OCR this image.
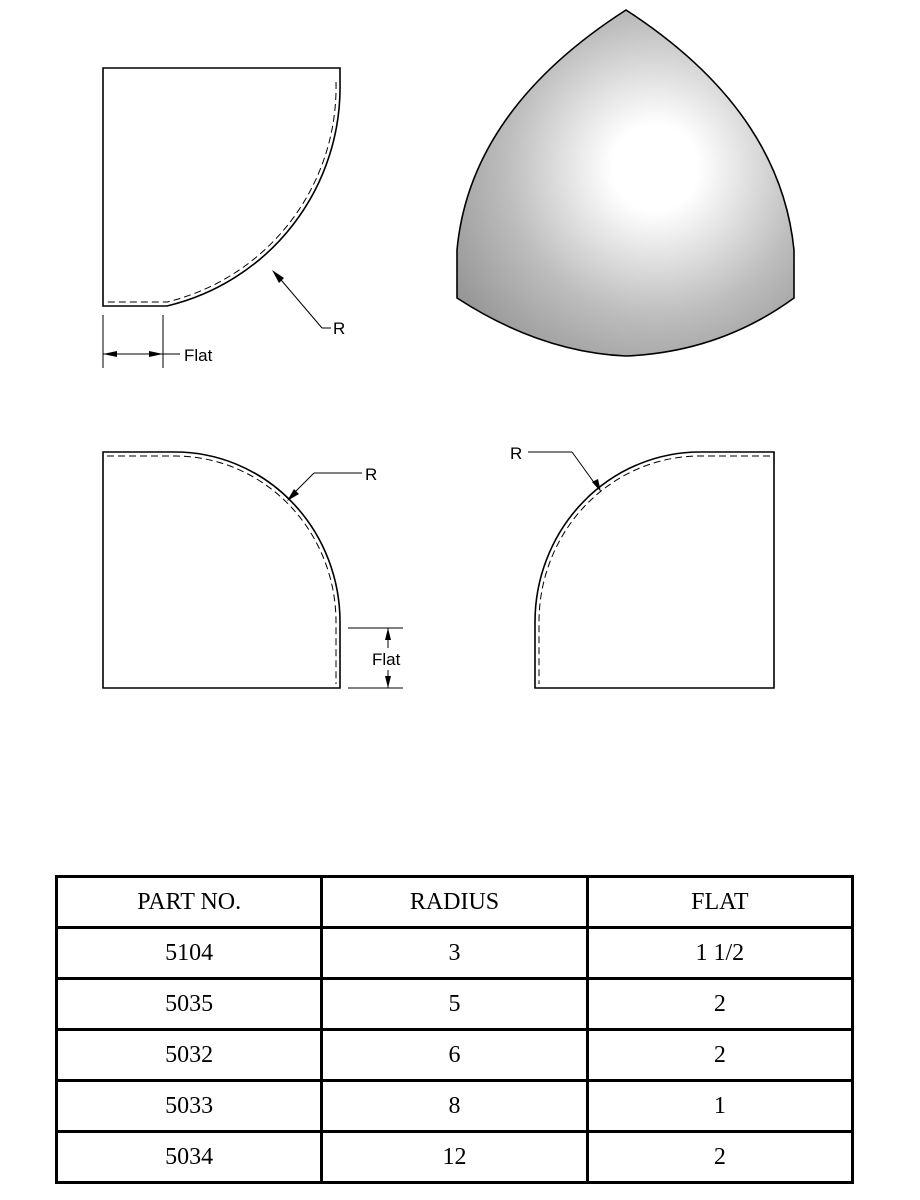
R
Flat
R
Flat
R
PART NO.	RADIUS	FLAT
5104	3	1 1/2
5035	5	2
5032	6	2
5033	8	1
5034	12	2
